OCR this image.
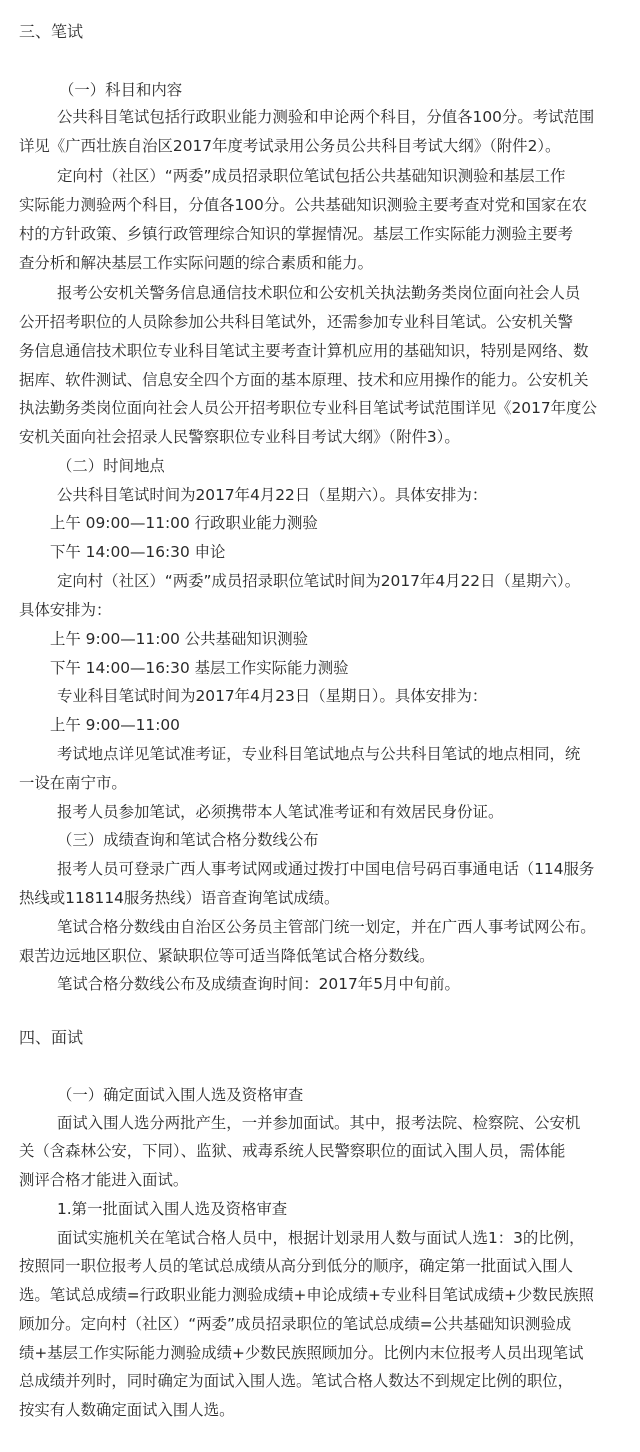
三、笔试
（一）科目和内容
公共科目笔试包括行政职业能力测验和申论两个科目，分值各100分。考试范围
详见《广西壮族自治区2017年度考试录用公务员公共科目考试大纲》（附件2）。
定向村（社区）“两委”成员招录职位笔试包括公共基础知识测验和基层工作
实际能力测验两个科目，分值各100分。公共基础知识测验主要考查对党和国家在农
村的方针政策、乡镇行政管理综合知识的掌握情况。基层工作实际能力测验主要考
查分析和解决基层工作实际问题的综合素质和能力。
报考公安机关警务信息通信技术职位和公安机关执法勤务类岗位面向社会人员
公开招考职位的人员除参加公共科目笔试外，还需参加专业科目笔试。公安机关警
务信息通信技术职位专业科目笔试主要考查计算机应用的基础知识，特别是网络、数
据库、软件测试、信息安全四个方面的基本原理、技术和应用操作的能力。公安机关
执法勤务类岗位面向社会人员公开招考职位专业科目笔试考试范围详见《2017年度公
安机关面向社会招录人民警察职位专业科目考试大纲》（附件3）。
（二）时间地点
公共科目笔试时间为2017年4月22日（星期六）。具体安排为：
上午 09:00—11:00 行政职业能力测验
下午 14:00—16:30 申论
定向村（社区）“两委”成员招录职位笔试时间为2017年4月22日（星期六）。
具体安排为：
上午 9:00—11:00 公共基础知识测验
下午 14:00—16:30 基层工作实际能力测验
专业科目笔试时间为2017年4月23日（星期日）。具体安排为：
上午 9:00—11:00
考试地点详见笔试准考证，专业科目笔试地点与公共科目笔试的地点相同，统
一设在南宁市。
报考人员参加笔试，必须携带本人笔试准考证和有效居民身份证。
（三）成绩查询和笔试合格分数线公布
报考人员可登录广西人事考试网或通过拨打中国电信号码百事通电话（114服务
热线或118114服务热线）语音查询笔试成绩。
笔试合格分数线由自治区公务员主管部门统一划定，并在广西人事考试网公布。
艰苦边远地区职位、紧缺职位等可适当降低笔试合格分数线。
笔试合格分数线公布及成绩查询时间：2017年5月中旬前。
四、面试
（一）确定面试入围人选及资格审查
面试入围人选分两批产生，一并参加面试。其中，报考法院、检察院、公安机
关（含森林公安，下同）、监狱、戒毒系统人民警察职位的面试入围人员，需体能
测评合格才能进入面试。
1.第一批面试入围人选及资格审查
面试实施机关在笔试合格人员中，根据计划录用人数与面试人选1：3的比例，
按照同一职位报考人员的笔试总成绩从高分到低分的顺序，确定第一批面试入围人
选。笔试总成绩=行政职业能力测验成绩+申论成绩+专业科目笔试成绩+少数民族照
顾加分。定向村（社区）“两委”成员招录职位的笔试总成绩=公共基础知识测验成
绩+基层工作实际能力测验成绩+少数民族照顾加分。比例内末位报考人员出现笔试
总成绩并列时，同时确定为面试入围人选。笔试合格人数达不到规定比例的职位，
按实有人数确定面试入围人选。
